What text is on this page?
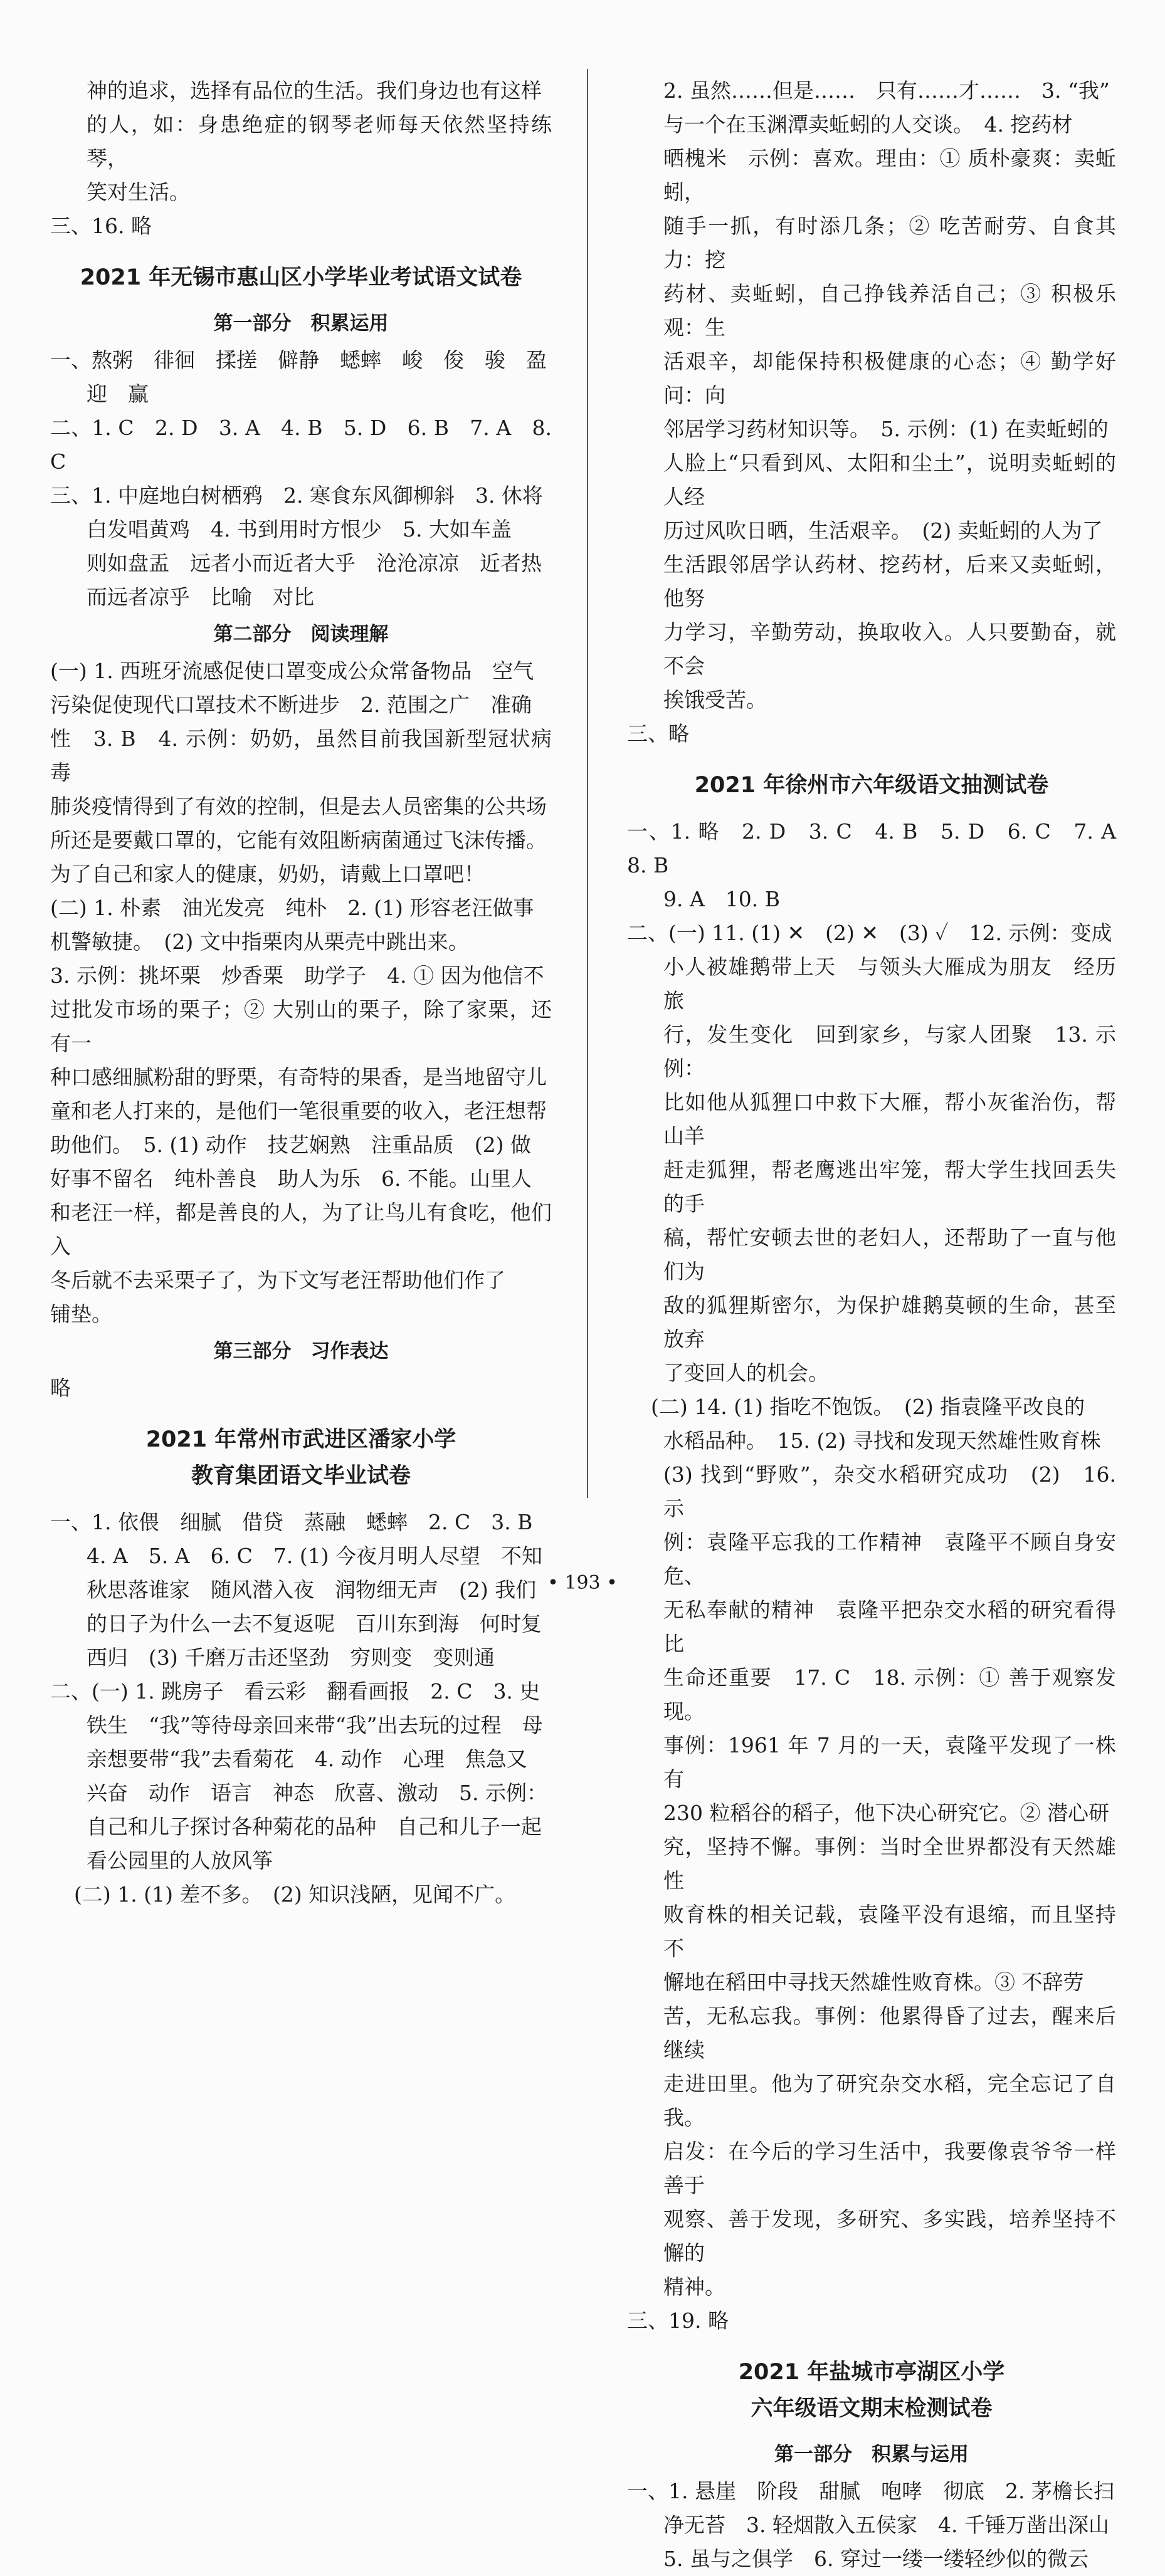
神的追求，选择有品位的生活。我们身边也有这样

的人，如：身患绝症的钢琴老师每天依然坚持练琴，

笑对生活。

三、16. 略

2021 年无锡市惠山区小学毕业考试语文试卷
第一部分　积累运用

一、熬粥　徘徊　揉搓　僻静　蟋蟀　峻　俊　骏　盈

迎　赢

二、1. C　2. D　3. A　4. B　5. D　6. B　7. A　8. C

三、1. 中庭地白树栖鸦　2. 寒食东风御柳斜　3. 休将

白发唱黄鸡　4. 书到用时方恨少　5. 大如车盖

则如盘盂　远者小而近者大乎　沧沧凉凉　近者热

而远者凉乎　比喻　对比

第二部分　阅读理解

(一) 1. 西班牙流感促使口罩变成公众常备物品　空气

污染促使现代口罩技术不断进步　2. 范围之广　准确

性　3. B　4. 示例：奶奶，虽然目前我国新型冠状病毒

肺炎疫情得到了有效的控制，但是去人员密集的公共场

所还是要戴口罩的，它能有效阻断病菌通过飞沫传播。

为了自己和家人的健康，奶奶，请戴上口罩吧！

(二) 1. 朴素　油光发亮　纯朴　2. (1) 形容老汪做事

机警敏捷。　(2) 文中指栗肉从栗壳中跳出来。

3. 示例：挑坏栗　炒香栗　助学子　4. ① 因为他信不

过批发市场的栗子；② 大别山的栗子，除了家栗，还有一

种口感细腻粉甜的野栗，有奇特的果香，是当地留守儿

童和老人打来的，是他们一笔很重要的收入，老汪想帮

助他们。　5. (1) 动作　技艺娴熟　注重品质　(2) 做

好事不留名　纯朴善良　助人为乐　6. 不能。山里人

和老汪一样，都是善良的人，为了让鸟儿有食吃，他们入

冬后就不去采栗子了，为下文写老汪帮助他们作了

铺垫。

第三部分　习作表达

略

2021 年常州市武进区潘家小学
教育集团语文毕业试卷

一、1. 依偎　细腻　借贷　蒸融　蟋蟀　2. C　3. B

4. A　5. A　6. C　7. (1) 今夜月明人尽望　不知

秋思落谁家　随风潜入夜　润物细无声　(2) 我们

的日子为什么一去不复返呢　百川东到海　何时复

西归　(3) 千磨万击还坚劲　穷则变　变则通

二、(一) 1. 跳房子　看云彩　翻看画报　2. C　3. 史

铁生　“我”等待母亲回来带“我”出去玩的过程　母

亲想要带“我”去看菊花　4. 动作　心理　焦急又

兴奋　动作　语言　神态　欣喜、激动　5. 示例：

自己和儿子探讨各种菊花的品种　自己和儿子一起

看公园里的人放风筝

(二) 1. (1) 差不多。　(2) 知识浅陋，见闻不广。

2. 虽然……但是……　只有……才……　3. “我”

与一个在玉渊潭卖蚯蚓的人交谈。　4. 挖药材

晒槐米　示例：喜欢。理由：① 质朴豪爽：卖蚯蚓，

随手一抓，有时添几条；② 吃苦耐劳、自食其力：挖

药材、卖蚯蚓，自己挣钱养活自己；③ 积极乐观：生

活艰辛，却能保持积极健康的心态；④ 勤学好问：向

邻居学习药材知识等。　5. 示例：(1) 在卖蚯蚓的

人脸上“只看到风、太阳和尘土”，说明卖蚯蚓的人经

历过风吹日晒，生活艰辛。　(2) 卖蚯蚓的人为了

生活跟邻居学认药材、挖药材，后来又卖蚯蚓，他努

力学习，辛勤劳动，换取收入。人只要勤奋，就不会

挨饿受苦。

三、略

2021 年徐州市六年级语文抽测试卷

一、1. 略　2. D　3. C　4. B　5. D　6. C　7. A　8. B

9. A　10. B

二、(一) 11. (1) ✕　(2) ✕　(3) ✓　12. 示例：变成

小人被雄鹅带上天　与领头大雁成为朋友　经历旅

行，发生变化　回到家乡，与家人团聚　13. 示例：

比如他从狐狸口中救下大雁，帮小灰雀治伤，帮山羊

赶走狐狸，帮老鹰逃出牢笼，帮大学生找回丢失的手

稿，帮忙安顿去世的老妇人，还帮助了一直与他们为

敌的狐狸斯密尔，为保护雄鹅莫顿的生命，甚至放弃

了变回人的机会。

(二) 14. (1) 指吃不饱饭。　(2) 指袁隆平改良的

水稻品种。　15. (2) 寻找和发现天然雄性败育株

(3) 找到“野败”，杂交水稻研究成功　(2)　16. 示

例：袁隆平忘我的工作精神　袁隆平不顾自身安危、

无私奉献的精神　袁隆平把杂交水稻的研究看得比

生命还重要　17. C　18. 示例：① 善于观察发现。

事例：1961 年 7 月的一天，袁隆平发现了一株有

230 粒稻谷的稻子，他下决心研究它。② 潜心研

究，坚持不懈。事例：当时全世界都没有天然雄性

败育株的相关记载，袁隆平没有退缩，而且坚持不

懈地在稻田中寻找天然雄性败育株。③ 不辞劳

苦，无私忘我。事例：他累得昏了过去，醒来后继续

走进田里。他为了研究杂交水稻，完全忘记了自我。

启发：在今后的学习生活中，我要像袁爷爷一样善于

观察、善于发现，多研究、多实践，培养坚持不懈的

精神。

三、19. 略

2021 年盐城市亭湖区小学
六年级语文期末检测试卷
第一部分　积累与运用

一、1. 悬崖　阶段　甜腻　咆哮　彻底　2. 茅檐长扫

净无苔　3. 轻烟散入五侯家　4. 千锤万凿出深山

5. 虽与之俱学　6. 穿过一缕一缕轻纱似的微云

• 193 •
